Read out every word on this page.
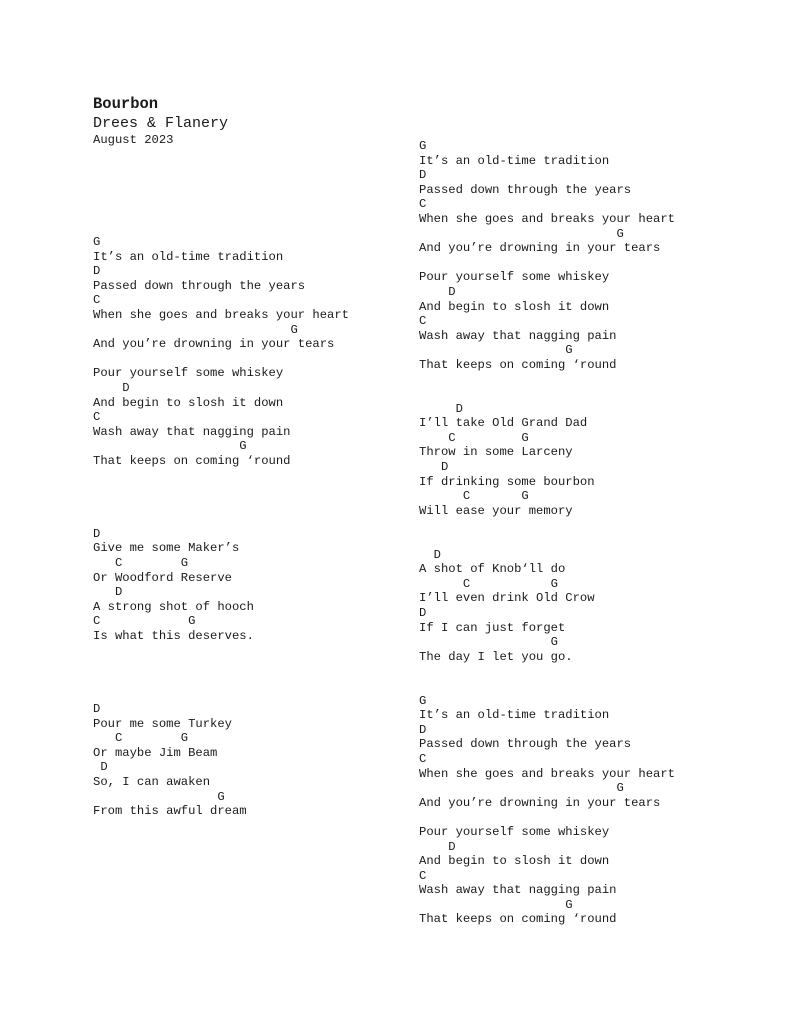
Bourbon
Drees & Flanery
August 2023
G
It’s an old-time tradition
D
Passed down through the years
C
When she goes and breaks your heart
G
And you’re drowning in your tears
Pour yourself some whiskey
D
And begin to slosh it down
C
Wash away that nagging pain
G
That keeps on coming ‘round
D
Give me some Maker’s
C        G
Or Woodford Reserve
D
A strong shot of hooch
C            G
Is what this deserves.
D
Pour me some Turkey
C        G
Or maybe Jim Beam
D
So, I can awaken
G
From this awful dream
G
It’s an old-time tradition
D
Passed down through the years
C
When she goes and breaks your heart
G
And you’re drowning in your tears
Pour yourself some whiskey
D
And begin to slosh it down
C
Wash away that nagging pain
G
That keeps on coming ‘round
D
I’ll take Old Grand Dad
C         G
Throw in some Larceny
D
If drinking some bourbon
C       G
Will ease your memory
D
A shot of Knob‘ll do
C           G
I’ll even drink Old Crow
D
If I can just forget
G
The day I let you go.
G
It’s an old-time tradition
D
Passed down through the years
C
When she goes and breaks your heart
G
And you’re drowning in your tears
Pour yourself some whiskey
D
And begin to slosh it down
C
Wash away that nagging pain
G
That keeps on coming ‘round
